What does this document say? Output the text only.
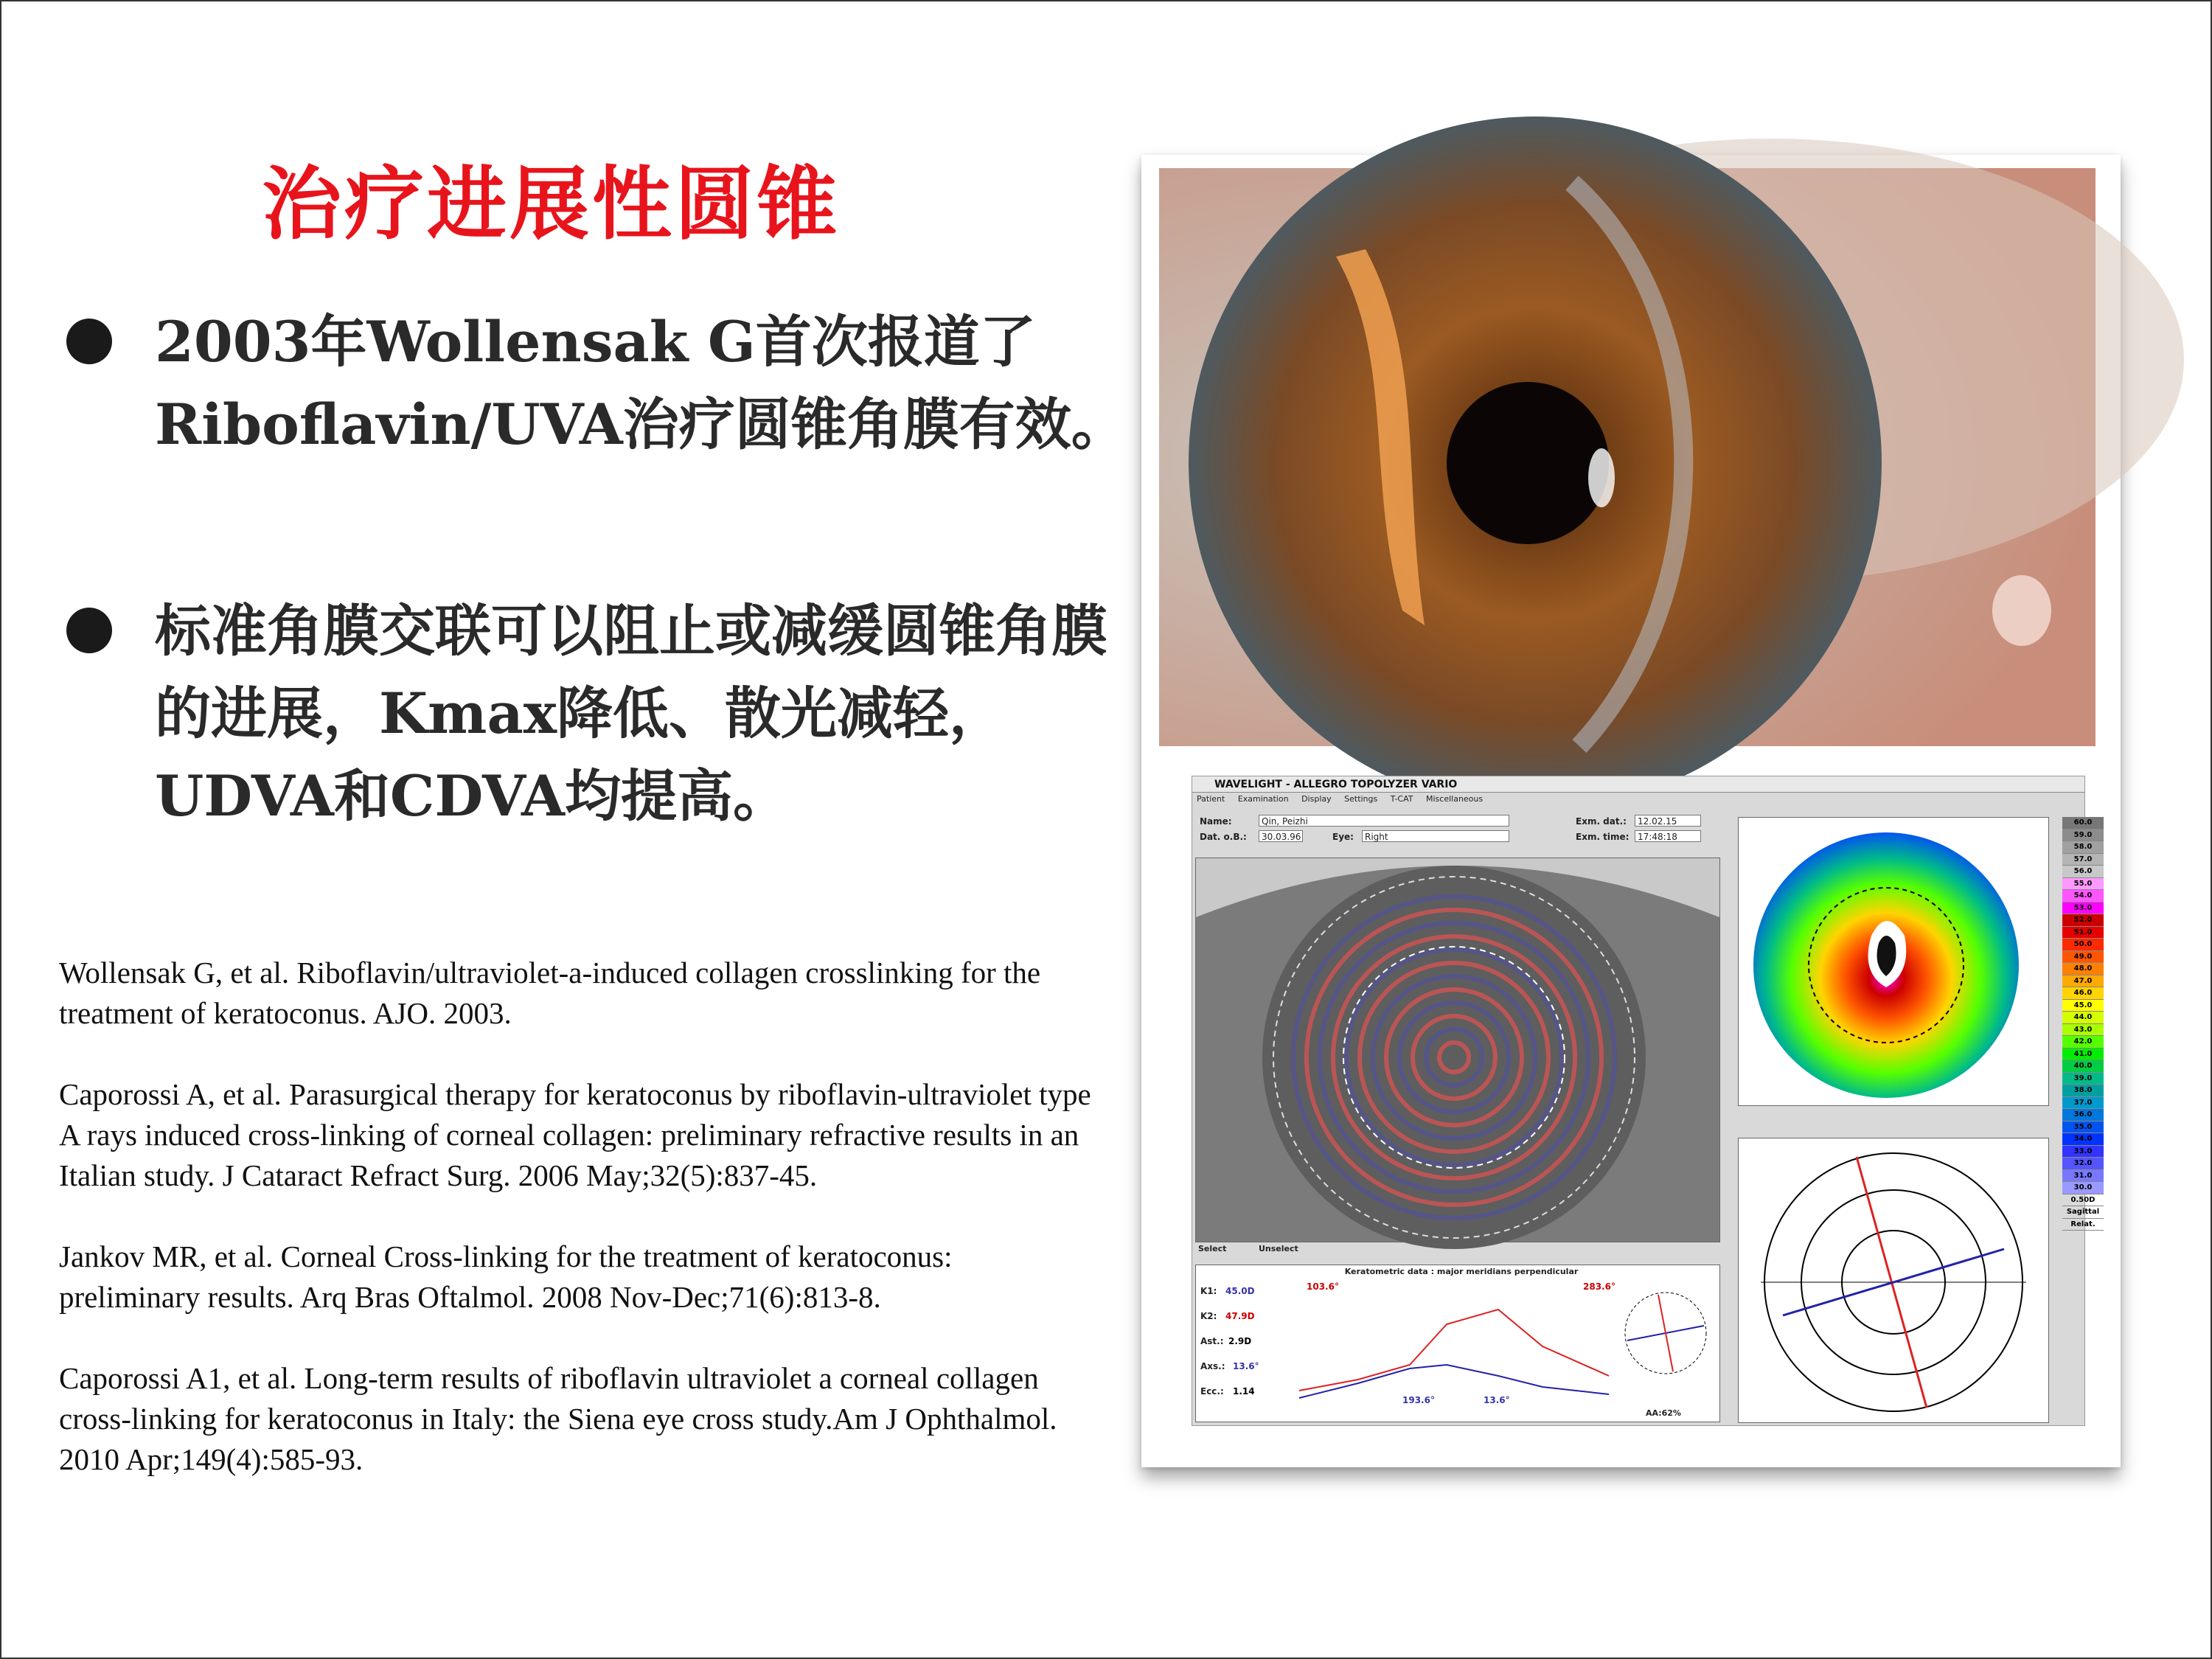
治疗进展性圆锥
2003年Wollensak G首次报道了Riboflavin/UVA治疗圆锥角膜有效。
标准角膜交联可以阻止或减缓圆锥角膜的进展，Kmax降低、散光减轻，UDVA和CDVA均提高。

Wollensak G, et al. Riboflavin/ultraviolet-a-induced collagen crosslinking for the treatment of keratoconus. AJO. 2003.

Caporossi A, et al. Parasurgical therapy for keratoconus by riboflavin-ultraviolet type A rays induced cross-linking of corneal collagen: preliminary refractive results in an Italian study. J Cataract Refract Surg. 2006 May;32(5):837-45.

Jankov MR, et al. Corneal Cross-linking for the treatment of keratoconus: preliminary results. Arq Bras Oftalmol. 2008 Nov-Dec;71(6):813-8.

Caporossi A1, et al. Long-term results of riboflavin ultraviolet a corneal collagen cross-linking for keratoconus in Italy: the Siena eye cross study.Am J Ophthalmol. 2010 Apr;149(4):585-93.

WAVELIGHT - ALLEGRO TOPOLYZER VARIO
Patient Examination Display Settings T-CAT Miscellaneous
Name:	Qin, Peizhi
Dat. o.B.:	30.03.96	Eye:	Right
Exm. dat.:	12.02.15
Exm. time: 17:48:18
Select	Unselect
60.0
59.0
58.0
57.0
56.0
55.0
54.0
53.0
52.0
51.0
50.0
49.0
48.0
47.0
46.0
45.0
44.0
43.0
42.0
41.0
40.0
39.0
38.0
37.0
36.0
35.0
34.0
33.0
32.0
31.0
30.0
0.50D
Sagittal
Relat.
Keratometric data : major meridians perpendicular
K1: 45.0D
K2: 47.9D
Ast.: 2.9D
Axs.: 13.6°
Ecc.: 1.14
103.6°	283.6°
193.6°	13.6°
AA:62%
